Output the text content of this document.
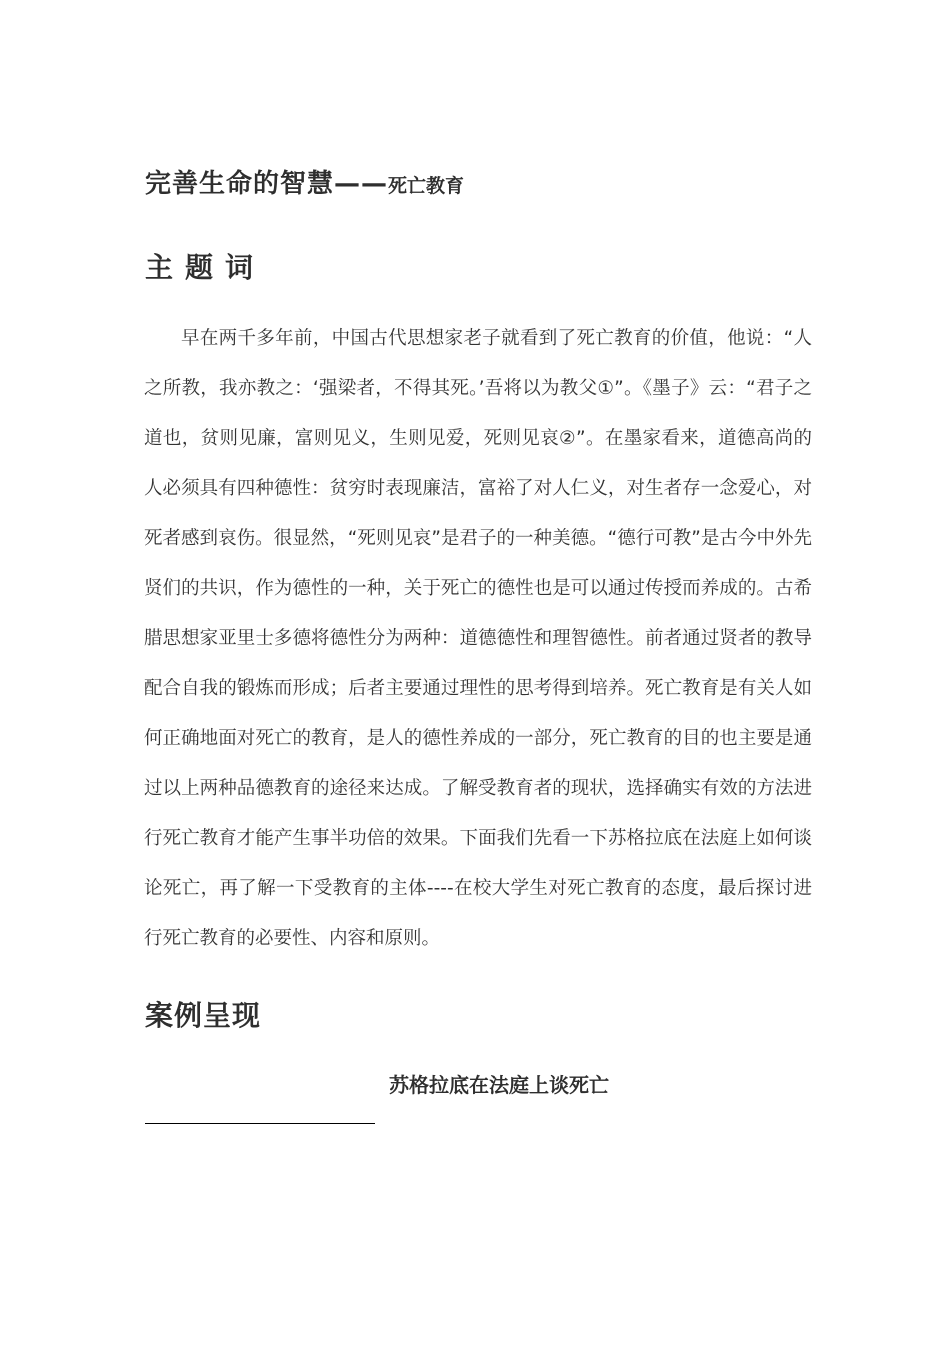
完善生命的智慧——死亡教育
主题词

早在两千多年前，中国古代思想家老子就看到了死亡教育的价值，他说：“人之所教，我亦教之：‘强梁者，不得其死。’吾将以为教父①”。《墨子》云：“君子之道也，贫则见廉，富则见义，生则见爱，死则见哀②”。在墨家看来，道德高尚的人必须具有四种德性：贫穷时表现廉洁，富裕了对人仁义，对生者存一念爱心，对死者感到哀伤。很显然，“死则见哀”是君子的一种美德。“德行可教”是古今中外先贤们的共识，作为德性的一种，关于死亡的德性也是可以通过传授而养成的。古希腊思想家亚里士多德将德性分为两种：道德德性和理智德性。前者通过贤者的教导配合自我的锻炼而形成；后者主要通过理性的思考得到培养。死亡教育是有关人如何正确地面对死亡的教育，是人的德性养成的一部分，死亡教育的目的也主要是通过以上两种品德教育的途径来达成。了解受教育者的现状，选择确实有效的方法进行死亡教育才能产生事半功倍的效果。下面我们先看一下苏格拉底在法庭上如何谈论死亡，再了解一下受教育的主体----在校大学生对死亡教育的态度，最后探讨进行死亡教育的必要性、内容和原则。

案例呈现
苏格拉底在法庭上谈死亡
